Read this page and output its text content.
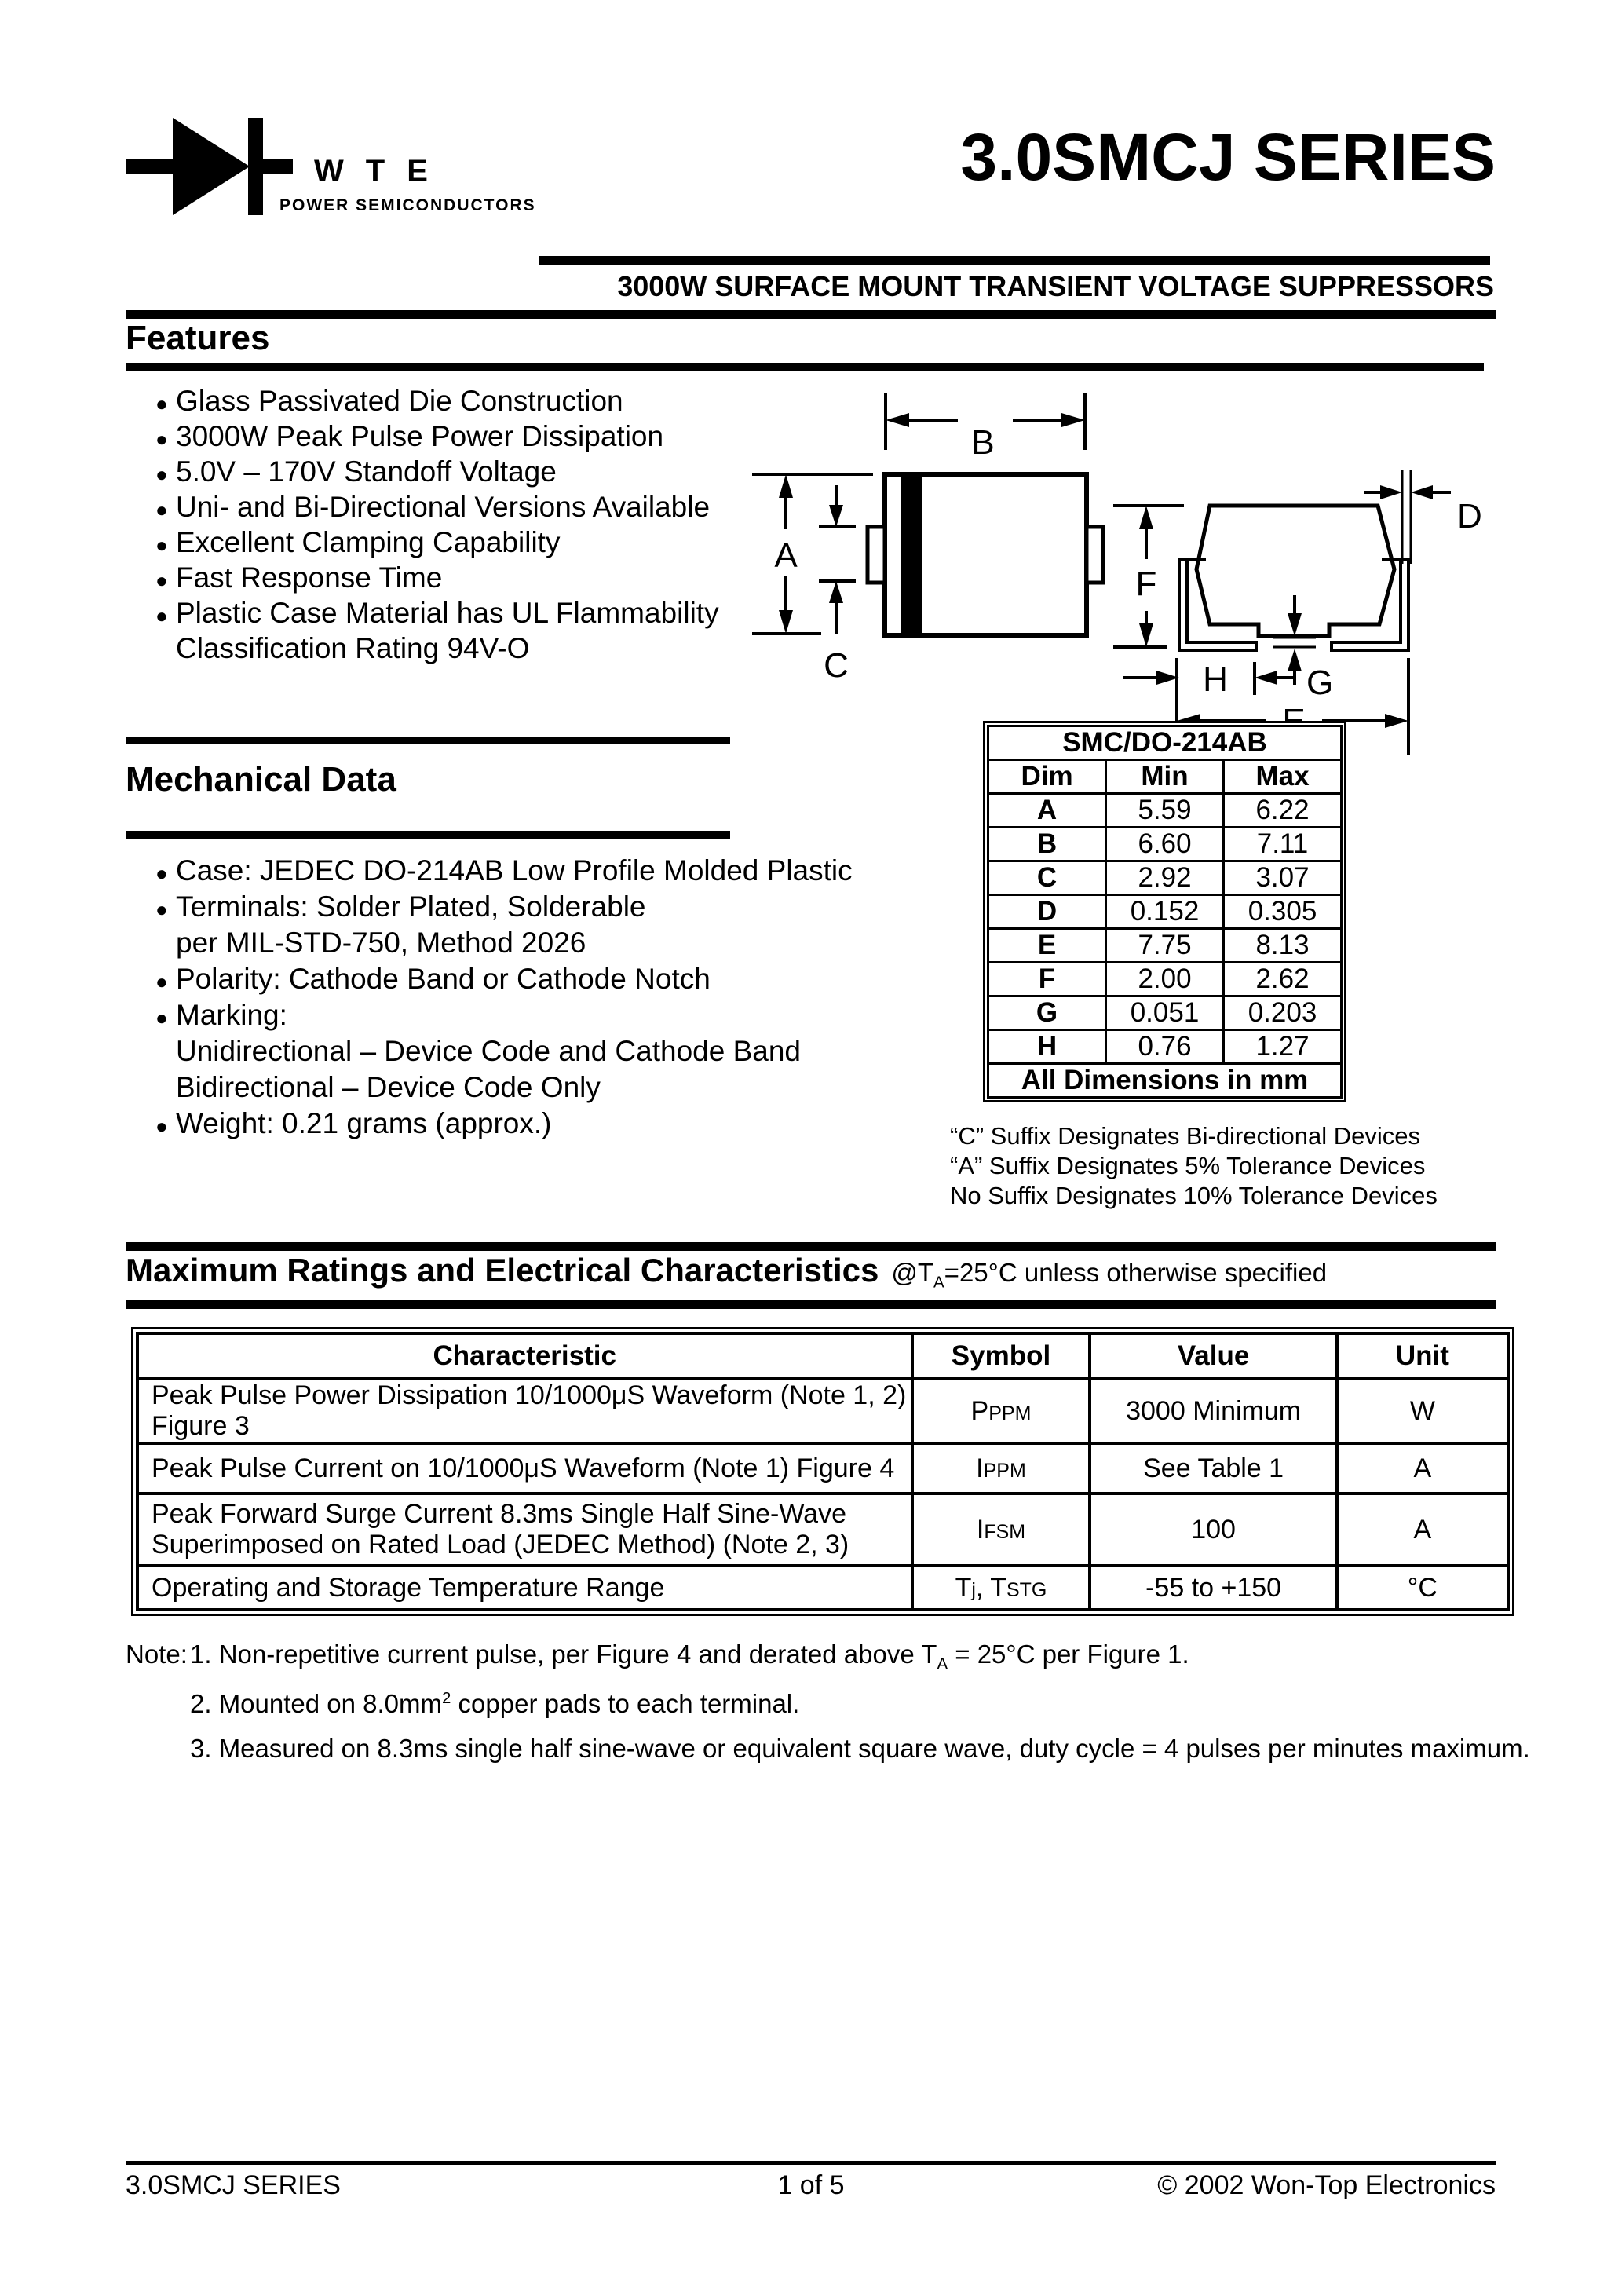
WTE
POWER SEMICONDUCTORS
3.0SMCJ SERIES
3000W SURFACE MOUNT TRANSIENT VOLTAGE SUPPRESSORS
Features
● Glass Passivated Die Construction
● 3000W Peak Pulse Power Dissipation
● 5.0V – 170V Standoff Voltage
● Uni- and Bi-Directional Versions Available
● Excellent Clamping Capability
● Fast Response Time
● Plastic Case Material has UL Flammability
Classification Rating 94V-O
B
A
C
F
D
G
H
Mechanical Data
● Case: JEDEC DO-214AB Low Profile Molded Plastic
● Terminals: Solder Plated, Solderable
per MIL-STD-750, Method 2026
● Polarity: Cathode Band or Cathode Notch
● Marking:
Unidirectional – Device Code and Cathode Band
Bidirectional – Device Code Only
● Weight: 0.21 grams (approx.)
SMC/DO-214AB		
Dim	Min	Max
A	5.59	6.22
B	6.60	7.11
C	2.92	3.07
D	0.152	0.305
E	7.75	8.13
F	2.00	2.62
G	0.051	0.203
H	0.76	1.27
All Dimensions in mm		
“C” Suffix Designates Bi-directional Devices
“A” Suffix Designates 5% Tolerance Devices
No Suffix Designates 10% Tolerance Devices
Maximum Ratings and Electrical Characteristics $@T_A=25^\circ C$ unless otherwise specified
Characteristic	Symbol	Value	Unit
Peak Pulse Power Dissipation 10/1000μS Waveform (Note 1, 2) Figure 3	PPPM	3000 Minimum	W
Peak Pulse Current on 10/1000μS Waveform (Note 1) Figure 4	IPPM	See Table 1	A

Peak Forward Surge Current 8.3ms Single Half Sine-Wave
Superimposed on Rated Load (JEDEC Method) (Note 2, 3)	IFSM	100	A
Operating and Storage Temperature Range	Tj, TSTG	-55 to +150	°C
Note: 1. Non-repetitive current pulse, per Figure 4 and derated above $T_A = 25^\circ C$ per Figure 1.
2. Mounted on $8.0mm^2$ copper pads to each terminal.
3. Measured on 8.3ms single half sine-wave or equivalent square wave, duty cycle = 4 pulses per minutes maximum.
3.0SMCJ SERIES	1 of 5	© 2002 Won-Top Electronics
